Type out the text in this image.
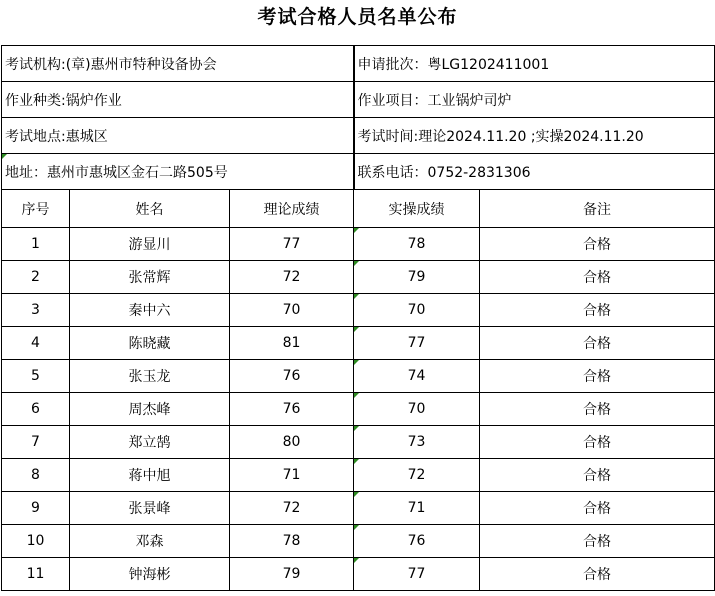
考试合格人员名单公布
考试机构:(章)惠州市特种设备协会			申请批次：粤LG1202411001	
作业种类:锅炉作业			作业项目：工业锅炉司炉	
考试地点:惠城区			考试时间:理论2024.11.20 ;实操2024.11.20	
地址：惠州市惠城区金石二路505号			联系电话：0752-2831306	
序号	姓名	理论成绩	实操成绩	备注
1	游显川	77	78	合格
2	张常辉	72	79	合格
3	秦中六	70	70	合格
4	陈晓藏	81	77	合格
5	张玉龙	76	74	合格
6	周杰峰	76	70	合格
7	郑立鹄	80	73	合格
8	蒋中旭	71	72	合格
9	张景峰	72	71	合格
10	邓森	78	76	合格
11	钟海彬	79	77	合格
